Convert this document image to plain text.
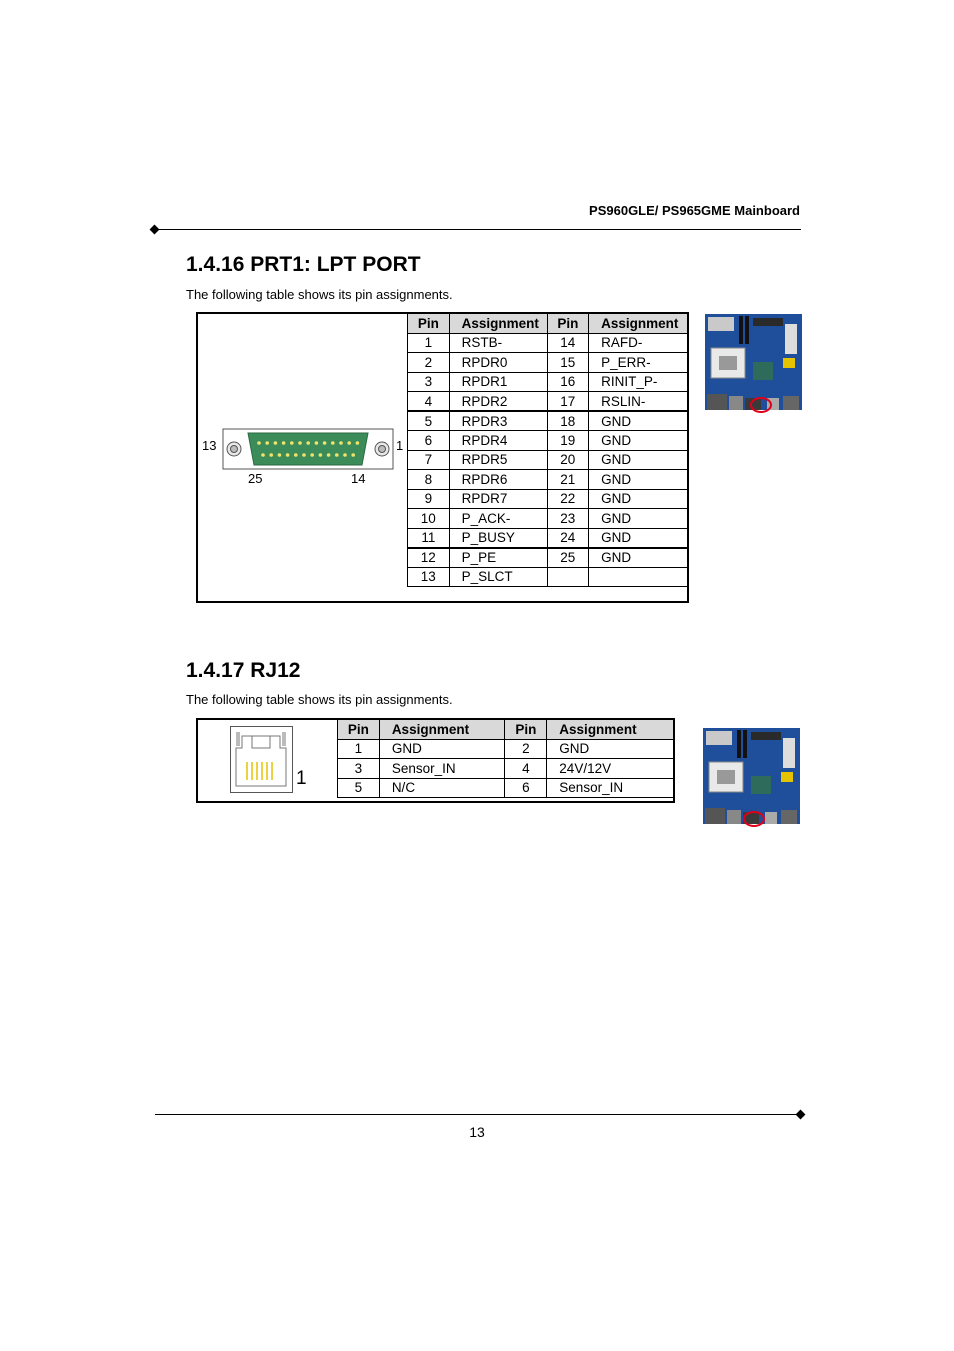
PS960GLE/ PS965GME Mainboard
1.4.16 PRT1: LPT PORT
The following table shows its pin assignments.
13	1
25	14
Pin	Assignment	Pin	Assignment
1	RSTB-	14	RAFD-
2	RPDR0	15	P_ERR-
3	RPDR1	16	RINIT_P-
4	RPDR2	17	RSLIN-
5	RPDR3	18	GND
6	RPDR4	19	GND
7	RPDR5	20	GND
8	RPDR6	21	GND
9	RPDR7	22	GND
10	P_ACK-	23	GND
11	P_BUSY	24	GND
12	P_PE	25	GND
13	P_SLCT		
1.4.17 RJ12
The following table shows its pin assignments.
1
Pin	Assignment	Pin	Assignment
1	GND	2	GND
3	Sensor_IN	4	24V/12V
5	N/C	6	Sensor_IN
13
